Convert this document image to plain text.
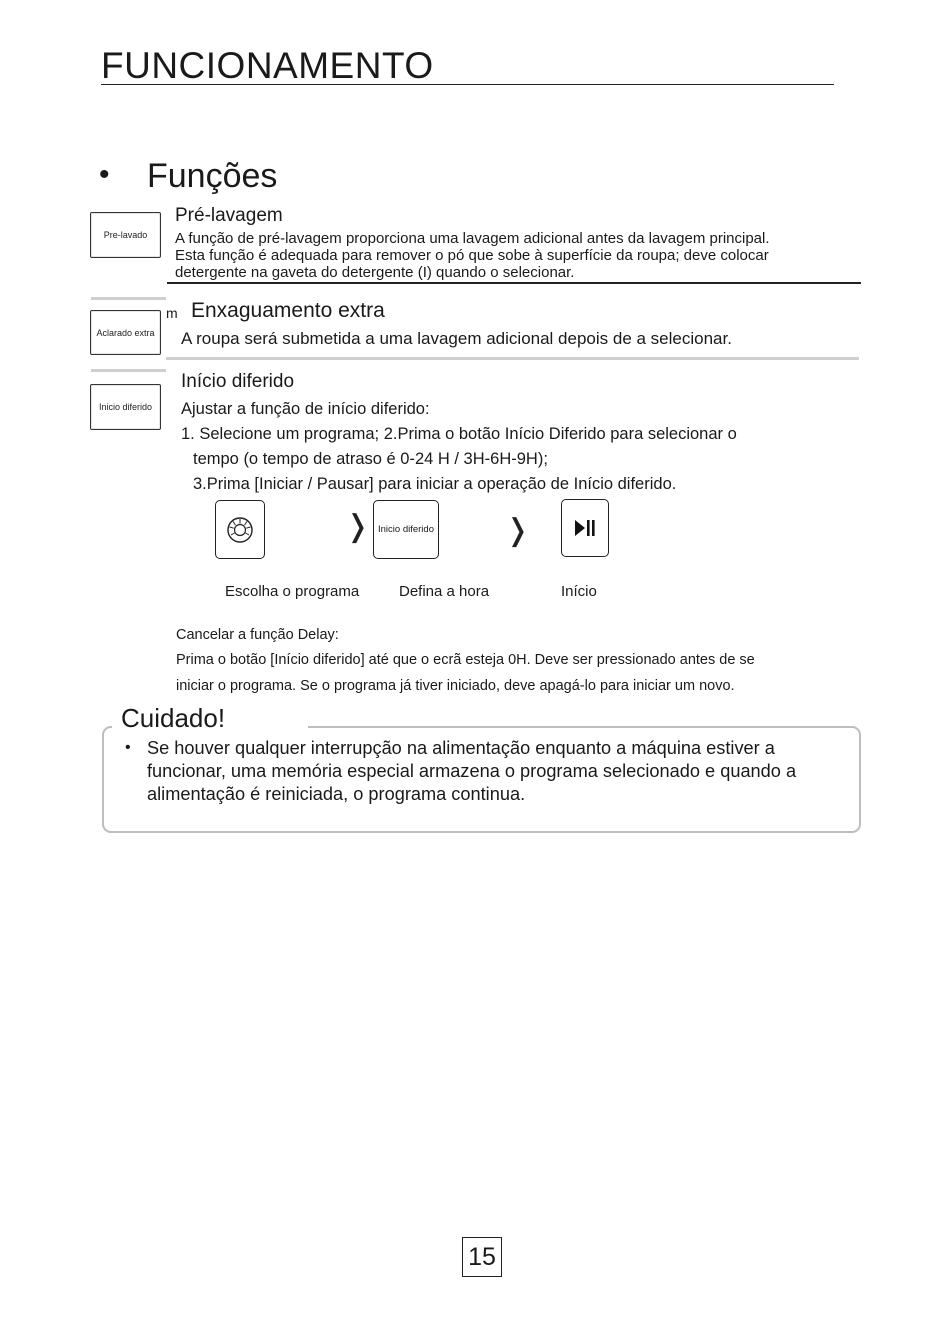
FUNCIONAMENTO
• Funções
Pre-lavado
Pré-lavagem
A função de pré-lavagem proporciona uma lavagem adicional antes da lavagem principal.
Esta função é adequada para remover o pó que sobe à superfície da roupa; deve colocar
detergente na gaveta do detergente (I) quando o selecionar.
Aclarado extra
m Enxaguamento extra
A roupa será submetida a uma lavagem adicional depois de a selecionar.
Inicio diferido
Início diferido
Ajustar a função de início diferido:
1. Selecione um programa; 2.Prima o botão Início Diferido para selecionar o
tempo (o tempo de atraso é 0-24 H / 3H-6H-9H);
3.Prima [Iniciar / Pausar] para iniciar a operação de Início diferido.
❭ Inicio diferido ❭
Escolha o programa	Defina a hora	Início
Cancelar a função Delay:
Prima o botão [Início diferido] até que o ecrã esteja 0H. Deve ser pressionado antes de se
iniciar o programa. Se o programa já tiver iniciado, deve apagá-lo para iniciar um novo.
Cuidado!
• Se houver qualquer interrupção na alimentação enquanto a máquina estiver a
funcionar, uma memória especial armazena o programa selecionado e quando a
alimentação é reiniciada, o programa continua.
15
